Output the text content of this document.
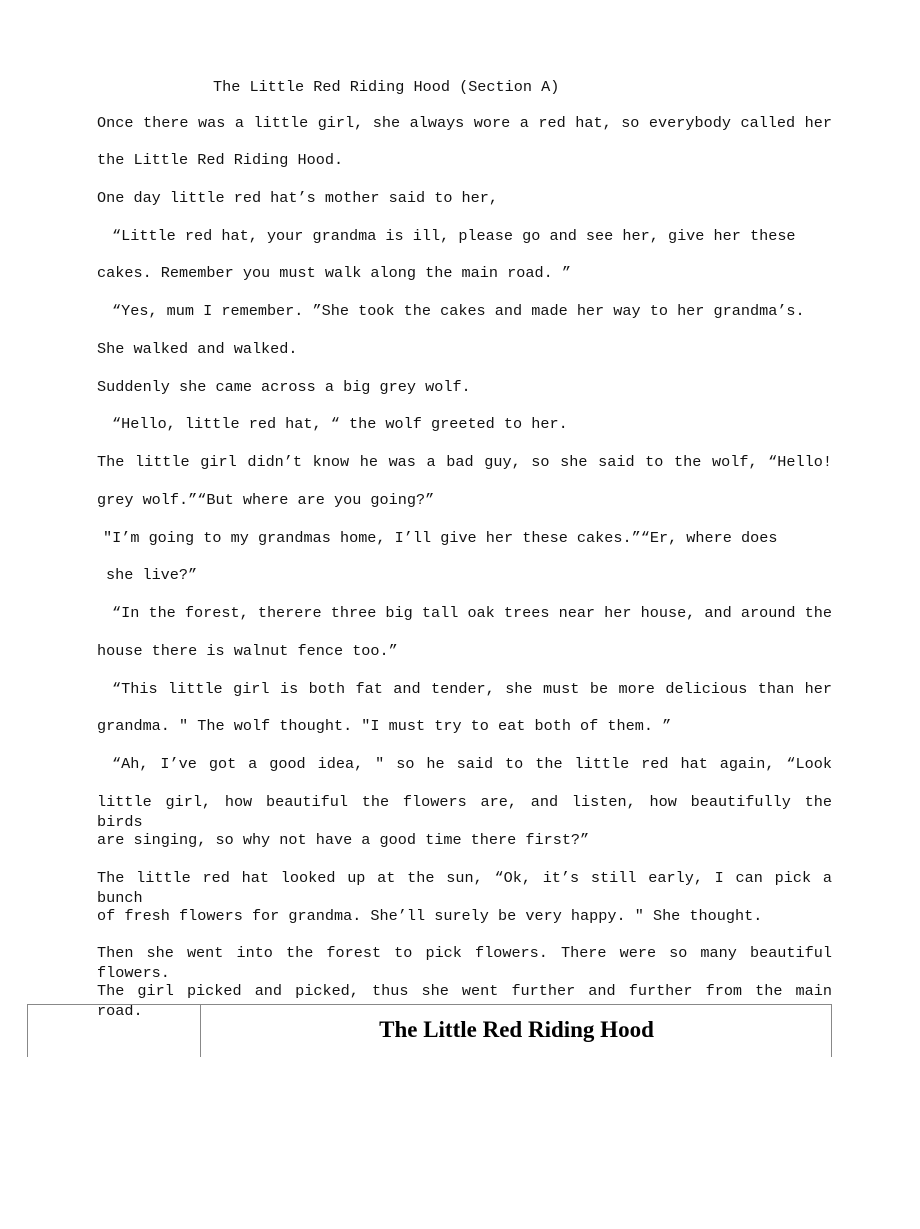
The Little Red Riding Hood (Section A)
Once there was a little girl, she always wore a red hat, so everybody called her
the Little Red Riding Hood.
One day little red hat’s mother said to her,
“Little red hat, your grandma is ill, please go and see her, give her these
cakes. Remember you must walk along the main road. ”
“Yes, mum I remember. ”She took the cakes and made her way to her grandma’s.
She walked and walked.
Suddenly she came across a big grey wolf.
“Hello, little red hat, “ the wolf greeted to her.
The little girl didn’t know he was a bad guy, so she said to the wolf, “Hello!
grey wolf.”“But where are you going?”
″I’m going to my grandmas home, I’ll give her these cakes.”“Er, where does
she live?”
“In the forest, therere three big tall oak trees near her house, and around the
house there is walnut fence too.”
“This little girl is both fat and tender, she must be more delicious than her
grandma. ″ The wolf thought. ″I must try to eat both of them. ”
“Ah, I’ve got a good idea, ″ so he said to the little red hat again, “Look
little girl, how beautiful the flowers are, and listen, how beautifully the birds
are singing, so why not have a good time there first?”
The little red hat looked up at the sun, “Ok, it’s still early, I can pick a bunch
of fresh flowers for grandma. She’ll surely be very happy. ″ She thought.
Then she went into the forest to pick flowers. There were so many beautiful flowers.
The girl picked and picked, thus she went further and further from the main road.
The Little Red Riding Hood
